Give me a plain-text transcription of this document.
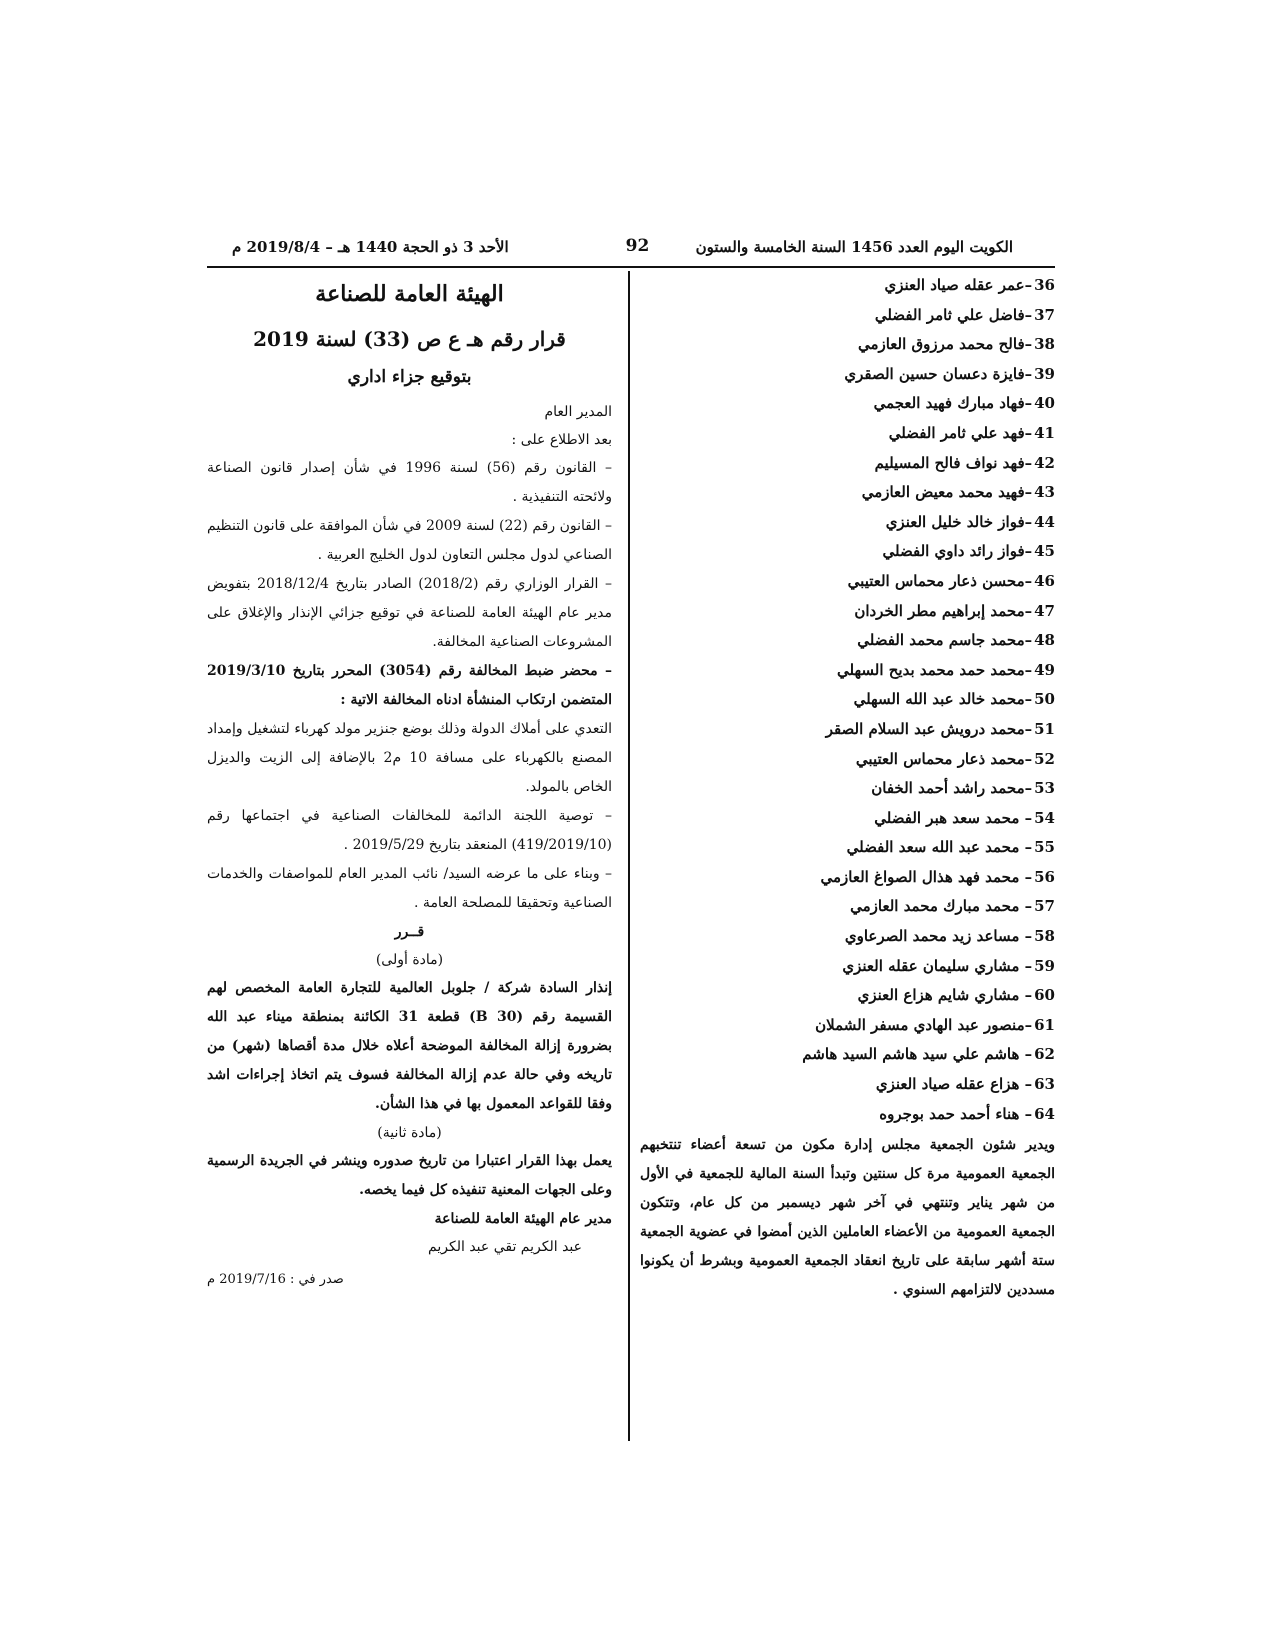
الكويت اليوم العدد 1456 السنة الخامسة والستون
92
الأحد 3 ذو الحجة 1440 هـ – 2019/8/4 م
36–عمر عقله صياد العنزي
37–فاضل علي ثامر الفضلي
38–فالح محمد مرزوق العازمي
39–فايزة دعسان حسين الصقري
40–فهاد مبارك فهيد العجمي
41–فهد علي ثامر الفضلي
42–فهد نواف فالح المسيليم
43–فهيد محمد معيض العازمي
44–فواز خالد خليل العنزي
45–فواز رائد داوي الفضلي
46–محسن ذعار محماس العتيبي
47–محمد إبراهيم مطر الخردان
48–محمد جاسم محمد الفضلي
49–محمد حمد محمد بديح السهلي
50–محمد خالد عبد الله السهلي
51–محمد درويش عبد السلام الصقر
52–محمد ذعار محماس العتيبي
53–محمد راشد أحمد الخفان
54– محمد سعد هبر الفضلي
55– محمد عبد الله سعد الفضلي
56– محمد فهد هذال الصواغ العازمي
57– محمد مبارك محمد العازمي
58– مساعد زيد محمد الصرعاوي
59– مشاري سليمان عقله العنزي
60– مشاري شايم هزاع العنزي
61–منصور عبد الهادي مسفر الشملان
62– هاشم علي سيد هاشم السيد هاشم
63– هزاع عقله صياد العنزي
64– هناء أحمد حمد بوجروه

ويدير شئون الجمعية مجلس إدارة مكون من تسعة أعضاء تنتخبهم الجمعية العمومية مرة كل سنتين وتبدأ السنة المالية للجمعية في الأول من شهر يناير وتنتهي في آخر شهر ديسمبر من كل عام، وتتكون الجمعية العمومية من الأعضاء العاملين الذين أمضوا في عضوية الجمعية ستة أشهر سابقة على تاريخ انعقاد الجمعية العمومية وبشرط أن يكونوا مسددين لالتزامهم السنوي .

الهيئة العامة للصناعة
قرار رقم هـ ع ص (33) لسنة 2019
بتوقيع جزاء اداري

المدير العام

بعد الاطلاع على :

– القانون رقم (56) لسنة 1996 في شأن إصدار قانون الصناعة ولائحته التنفيذية .

– القانون رقم (22) لسنة 2009 في شأن الموافقة على قانون التنظيم الصناعي لدول مجلس التعاون لدول الخليج العربية .

– القرار الوزاري رقم (2018/2) الصادر بتاريخ 2018/12/4 بتفويض مدير عام الهيئة العامة للصناعة في توقيع جزائي الإنذار والإغلاق على المشروعات الصناعية المخالفة.

– محضر ضبط المخالفة رقم (3054) المحرر بتاريخ 2019/3/10 المتضمن ارتكاب المنشأة ادناه المخالفة الاتية :

التعدي على أملاك الدولة وذلك بوضع جنزير مولد كهرباء لتشغيل وإمداد المصنع بالكهرباء على مسافة 10 م2 بالإضافة إلى الزيت والديزل الخاص بالمولد.

– توصية اللجنة الدائمة للمخالفات الصناعية في اجتماعها رقم (419/2019/10) المنعقد بتاريخ 2019/5/29 .

– وبناء على ما عرضه السيد/ نائب المدير العام للمواصفات والخدمات الصناعية وتحقيقا للمصلحة العامة .

قــرر

(مادة أولى)

إنذار السادة شركة / جلوبل العالمية للتجارة العامة المخصص لهم القسيمة رقم (30 B) قطعة 31 الكائنة بمنطقة ميناء عبد الله بضرورة إزالة المخالفة الموضحة أعلاه خلال مدة أقصاها (شهر) من تاريخه وفي حالة عدم إزالة المخالفة فسوف يتم اتخاذ إجراءات اشد وفقا للقواعد المعمول بها في هذا الشأن.

(مادة ثانية)

يعمل بهذا القرار اعتبارا من تاريخ صدوره وينشر في الجريدة الرسمية وعلى الجهات المعنية تنفيذه كل فيما يخصه.

مدير عام الهيئة العامة للصناعة

عبد الكريم تقي عبد الكريم

صدر في : 2019/7/16 م
